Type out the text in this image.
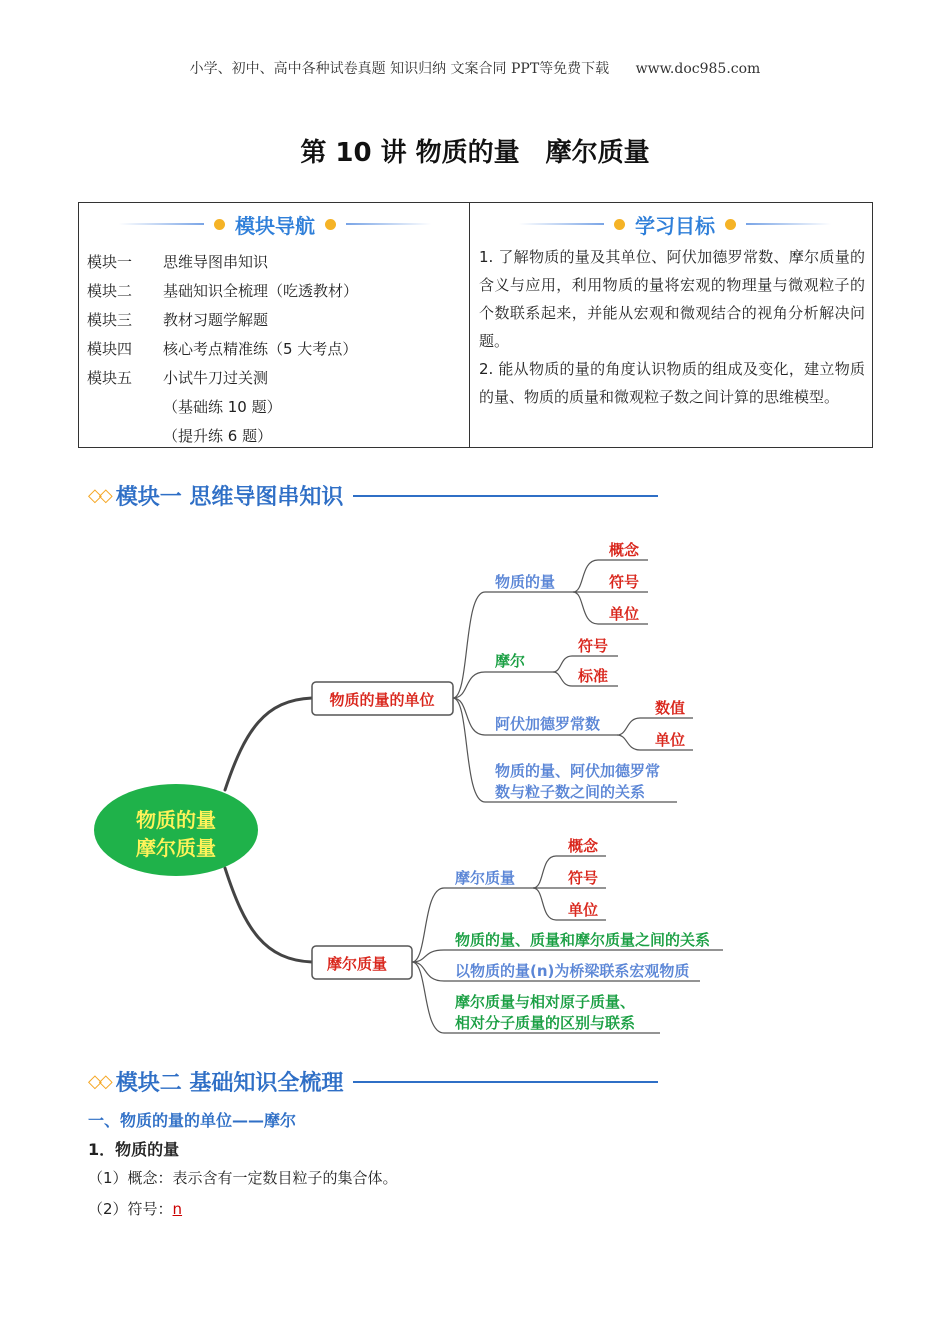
小学、初中、高中各种试卷真题 知识归纳 文案合同 PPT等免费下载 www.doc985.com
第 10 讲 物质的量 摩尔质量
模块导航
模块一	思维导图串知识
模块二	基础知识全梳理（吃透教材）
模块三	教材习题学解题
模块四	核心考点精准练（5 大考点）
模块五	小试牛刀过关测
（基础练 10 题）
（提升练 6 题）
学习目标
1. 了解物质的量及其单位、阿伏加德罗常数、摩尔质量的含义与应用，利用物质的量将宏观的物理量与微观粒子的个数联系起来，并能从宏观和微观结合的视角分析解决问题。
2. 能从物质的量的角度认识物质的组成及变化，建立物质的量、物质的质量和微观粒子数之间计算的思维模型。
◇◇ 模块一 思维导图串知识
物质的量
摩尔质量
物质的量的单位
摩尔质量
物质的量
概念
符号
单位
摩尔
符号
标准
阿伏加德罗常数
数值
单位
物质的量、阿伏加德罗常
数与粒子数之间的关系
摩尔质量
概念
符号
单位
物质的量、质量和摩尔质量之间的关系
以物质的量(n)为桥梁联系宏观物质
摩尔质量与相对原子质量、
相对分子质量的区别与联系
◇◇ 模块二 基础知识全梳理
一、物质的量的单位——摩尔
1．物质的量
（1）概念：表示含有一定数目粒子的集合体。
（2）符号：n
